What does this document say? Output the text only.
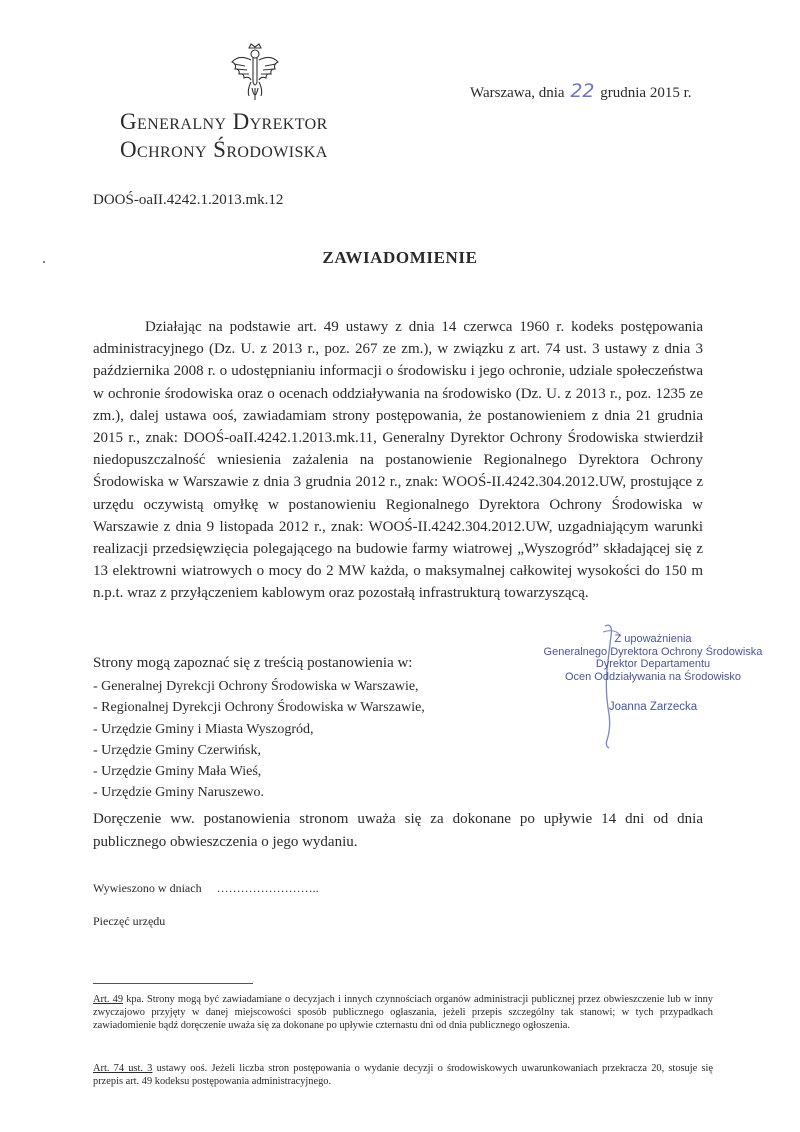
Generalny Dyrektor
Ochrony Środowiska
Warszawa, dnia 22 grudnia 2015 r.
DOOŚ-oaII.4242.1.2013.mk.12
ZAWIADOMIENIE

Działając na podstawie art. 49 ustawy z dnia 14 czerwca 1960 r. kodeks postępowania administracyjnego (Dz. U. z 2013 r., poz. 267 ze zm.), w związku z art. 74 ust. 3 ustawy z dnia 3 października 2008 r. o udostępnianiu informacji o środowisku i jego ochronie, udziale społeczeństwa w ochronie środowiska oraz o ocenach oddziaływania na środowisko (Dz. U. z 2013 r., poz. 1235 ze zm.), dalej ustawa ooś, zawiadamiam strony postępowania, że postanowieniem z dnia 21 grudnia 2015 r., znak: DOOŚ-oaII.4242.1.2013.mk.11, Generalny Dyrektor Ochrony Środowiska stwierdził niedopuszczalność wniesienia zażalenia na postanowienie Regionalnego Dyrektora Ochrony Środowiska w Warszawie z dnia 3 grudnia 2012 r., znak: WOOŚ-II.4242.304.2012.UW, prostujące z urzędu oczywistą omyłkę w postanowieniu Regionalnego Dyrektora Ochrony Środowiska w Warszawie z dnia 9 listopada 2012 r., znak: WOOŚ-II.4242.304.2012.UW, uzgadniającym warunki realizacji przedsięwzięcia polegającego na budowie farmy wiatrowej „Wyszogród” składającej się z 13 elektrowni wiatrowych o mocy do 2 MW każda, o maksymalnej całkowitej wysokości do 150 m n.p.t. wraz z przyłączeniem kablowym oraz pozostałą infrastrukturą towarzyszącą.

Strony mogą zapoznać się z treścią postanowienia w:
- Generalnej Dyrekcji Ochrony Środowiska w Warszawie,
- Regionalnej Dyrekcji Ochrony Środowiska w Warszawie,
- Urzędzie Gminy i Miasta Wyszogród,
- Urzędzie Gminy Czerwińsk,
- Urzędzie Gminy Mała Wieś,
- Urzędzie Gminy Naruszewo.
Z upoważnienia
Generalnego Dyrektora Ochrony Środowiska
Dyrektor Departamentu
Ocen Oddziaływania na Środowisko
Joanna Zarzecka

Doręczenie ww. postanowienia stronom uważa się za dokonane po upływie 14 dni od dnia publicznego obwieszczenia o jego wydaniu.

Wywieszono w dniach ……………………..
Pieczęć urzędu

Art. 49 kpa. Strony mogą być zawiadamiane o decyzjach i innych czynnościach organów administracji publicznej przez obwieszczenie lub w inny zwyczajowo przyjęty w danej miejscowości sposób publicznego ogłaszania, jeżeli przepis szczególny tak stanowi; w tych przypadkach zawiadomienie bądź doręczenie uważa się za dokonane po upływie czternastu dni od dnia publicznego ogłoszenia.

Art. 74 ust. 3 ustawy ooś. Jeżeli liczba stron postępowania o wydanie decyzji o środowiskowych uwarunkowaniach przekracza 20, stosuje się przepis art. 49 kodeksu postępowania administracyjnego.
